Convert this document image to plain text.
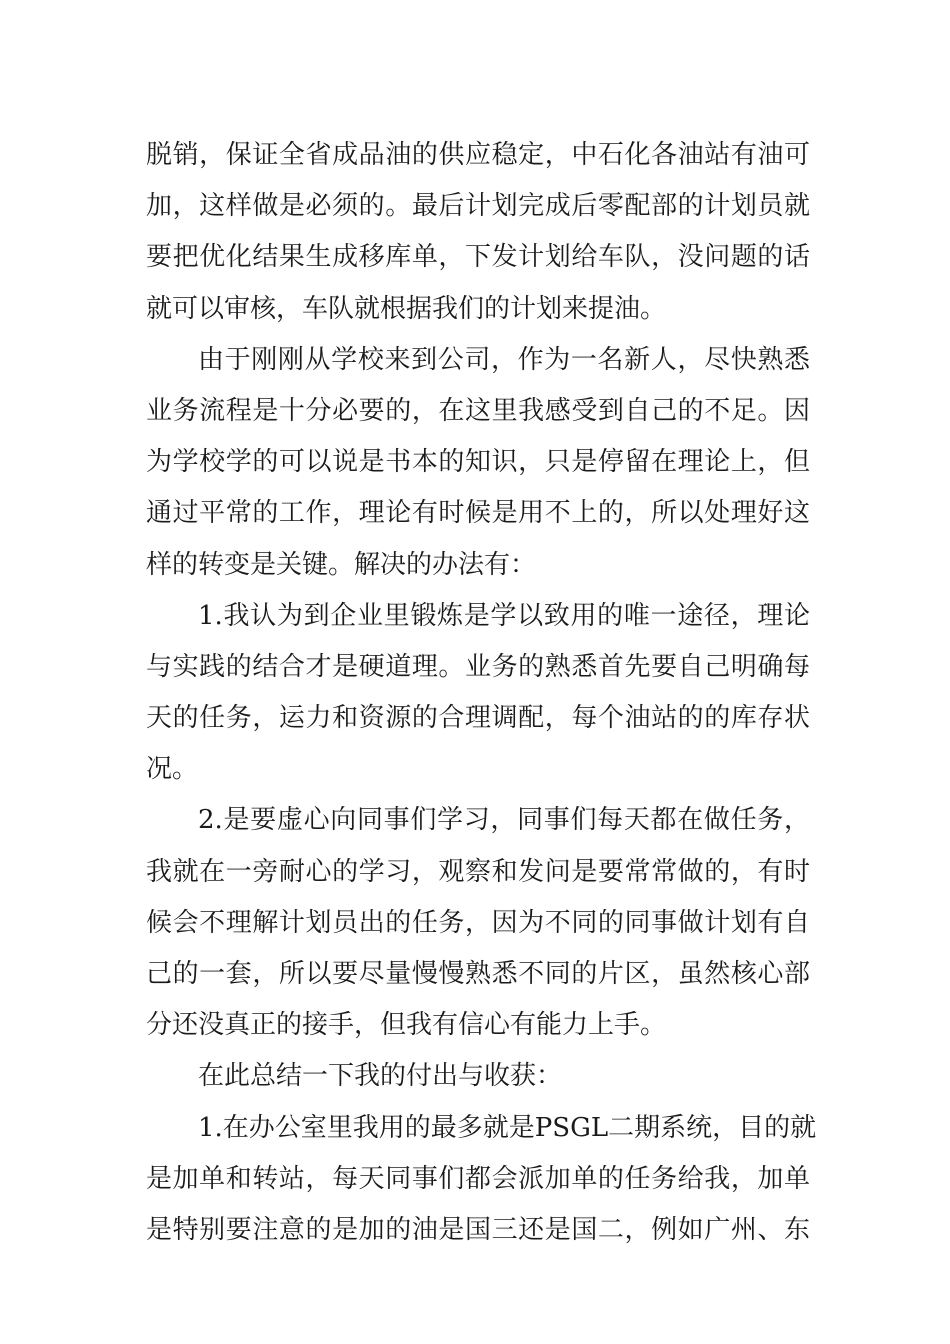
脱销，保证全省成品油的供应稳定，中石化各油站有油可
加，这样做是必须的。最后计划完成后零配部的计划员就
要把优化结果生成移库单，下发计划给车队，没问题的话
就可以审核，车队就根据我们的计划来提油。
由于刚刚从学校来到公司，作为一名新人，尽快熟悉
业务流程是十分必要的，在这里我感受到自己的不足。因
为学校学的可以说是书本的知识，只是停留在理论上，但
通过平常的工作，理论有时候是用不上的，所以处理好这
样的转变是关键。解决的办法有：
1.我认为到企业里锻炼是学以致用的唯一途径，理论
与实践的结合才是硬道理。业务的熟悉首先要自己明确每
天的任务，运力和资源的合理调配，每个油站的的库存状
况。
2.是要虚心向同事们学习，同事们每天都在做任务，
我就在一旁耐心的学习，观察和发问是要常常做的，有时
候会不理解计划员出的任务，因为不同的同事做计划有自
己的一套，所以要尽量慢慢熟悉不同的片区，虽然核心部
分还没真正的接手，但我有信心有能力上手。
在此总结一下我的付出与收获：
1.在办公室里我用的最多就是PSGL二期系统，目的就
是加单和转站，每天同事们都会派加单的任务给我，加单
是特别要注意的是加的油是国三还是国二，例如广州、东
